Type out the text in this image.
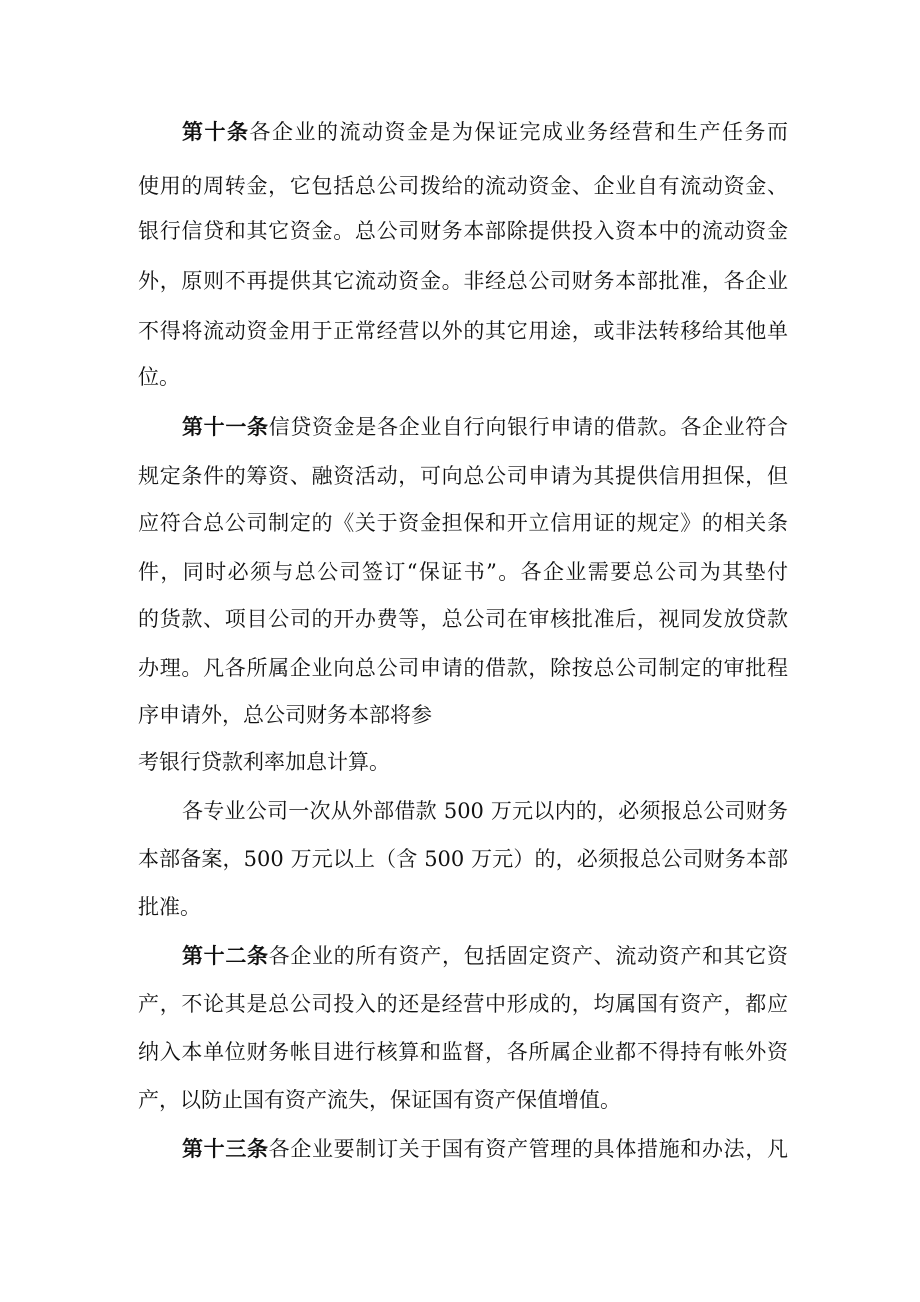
第十条各企业的流动资金是为保证完成业务经营和生产任务而
使用的周转金，它包括总公司拨给的流动资金、企业自有流动资金、
银行信贷和其它资金。总公司财务本部除提供投入资本中的流动资金
外，原则不再提供其它流动资金。非经总公司财务本部批准，各企业
不得将流动资金用于正常经营以外的其它用途，或非法转移给其他单
位。
第十一条信贷资金是各企业自行向银行申请的借款。各企业符合
规定条件的筹资、融资活动，可向总公司申请为其提供信用担保，但
应符合总公司制定的《关于资金担保和开立信用证的规定》的相关条
件，同时必须与总公司签订“保证书”。各企业需要总公司为其垫付
的货款、项目公司的开办费等，总公司在审核批准后，视同发放贷款
办理。凡各所属企业向总公司申请的借款，除按总公司制定的审批程
序申请外，总公司财务本部将参
考银行贷款利率加息计算。
各专业公司一次从外部借款 500 万元以内的，必须报总公司财务
本部备案，500 万元以上（含 500 万元）的，必须报总公司财务本部
批准。
第十二条各企业的所有资产，包括固定资产、流动资产和其它资
产，不论其是总公司投入的还是经营中形成的，均属国有资产，都应
纳入本单位财务帐目进行核算和监督，各所属企业都不得持有帐外资
产，以防止国有资产流失，保证国有资产保值增值。
第十三条各企业要制订关于国有资产管理的具体措施和办法，凡
